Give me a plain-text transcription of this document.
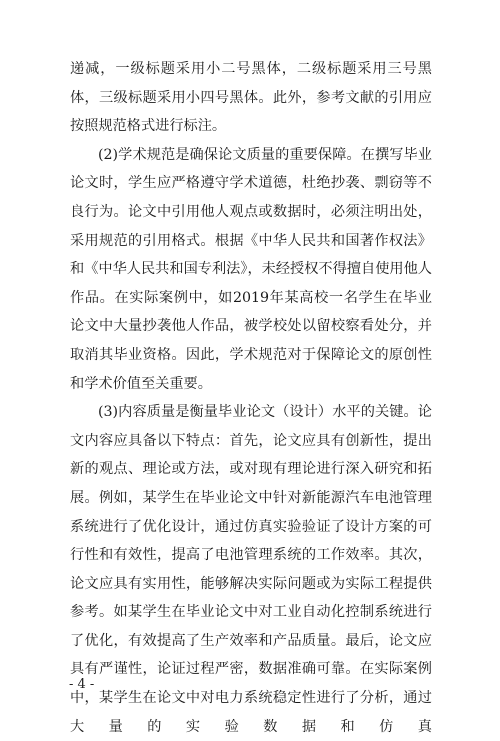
递减，一级标题采用小二号黑体，二级标题采用三号黑体，三级标题采用小四号黑体。此外，参考文献的引用应按照规范格式进行标注。

(2)学术规范是确保论文质量的重要保障。在撰写毕业论文时，学生应严格遵守学术道德，杜绝抄袭、剽窃等不良行为。论文中引用他人观点或数据时，必须注明出处，采用规范的引用格式。根据《中华人民共和国著作权法》和《中华人民共和国专利法》，未经授权不得擅自使用他人作品。在实际案例中，如2019年某高校一名学生在毕业论文中大量抄袭他人作品，被学校处以留校察看处分，并取消其毕业资格。因此，学术规范对于保障论文的原创性和学术价值至关重要。

(3)内容质量是衡量毕业论文（设计）水平的关键。论文内容应具备以下特点：首先，论文应具有创新性，提出新的观点、理论或方法，或对现有理论进行深入研究和拓展。例如，某学生在毕业论文中针对新能源汽车电池管理系统进行了优化设计，通过仿真实验验证了设计方案的可行性和有效性，提高了电池管理系统的工作效率。其次，论文应具有实用性，能够解决实际问题或为实际工程提供参考。如某学生在毕业论文中对工业自动化控制系统进行了优化，有效提高了生产效率和产品质量。最后，论文应具有严谨性，论证过程严密，数据准确可靠。在实际案例中，某学生在论文中对电力系统稳定性进行了分析，通过大量的实验数据和仿真

- 4 -
